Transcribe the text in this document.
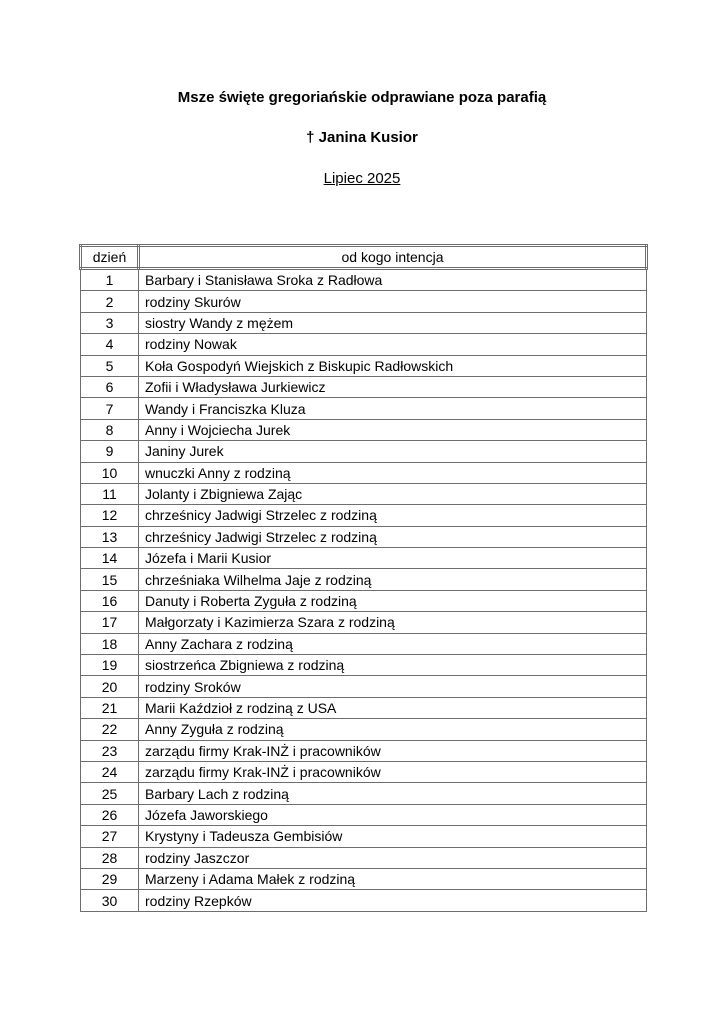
Msze święte gregoriańskie odprawiane poza parafią
† Janina Kusior
Lipiec 2025
dzień	od kogo intencja
1	Barbary i Stanisława Sroka z Radłowa
2	rodziny Skurów
3	siostry Wandy z mężem
4	rodziny Nowak
5	Koła Gospodyń Wiejskich z Biskupic Radłowskich
6	Zofii i Władysława Jurkiewicz
7	Wandy i Franciszka Kluza
8	Anny i Wojciecha Jurek
9	Janiny Jurek
10	wnuczki Anny z rodziną
11	Jolanty i Zbigniewa Zając
12	chrześnicy Jadwigi Strzelec z rodziną
13	chrześnicy Jadwigi Strzelec z rodziną
14	Józefa i Marii Kusior
15	chrześniaka Wilhelma Jaje z rodziną
16	Danuty i Roberta Zyguła z rodziną
17	Małgorzaty i Kazimierza Szara z rodziną
18	Anny Zachara z rodziną
19	siostrzeńca Zbigniewa z rodziną
20	rodziny Sroków
21	Marii Kaździoł z rodziną z USA
22	Anny Zyguła z rodziną
23	zarządu firmy Krak-INŻ i pracowników
24	zarządu firmy Krak-INŻ i pracowników
25	Barbary Lach z rodziną
26	Józefa Jaworskiego
27	Krystyny i Tadeusza Gembisiów
28	rodziny Jaszczor
29	Marzeny i Adama Małek z rodziną
30	rodziny Rzepków
